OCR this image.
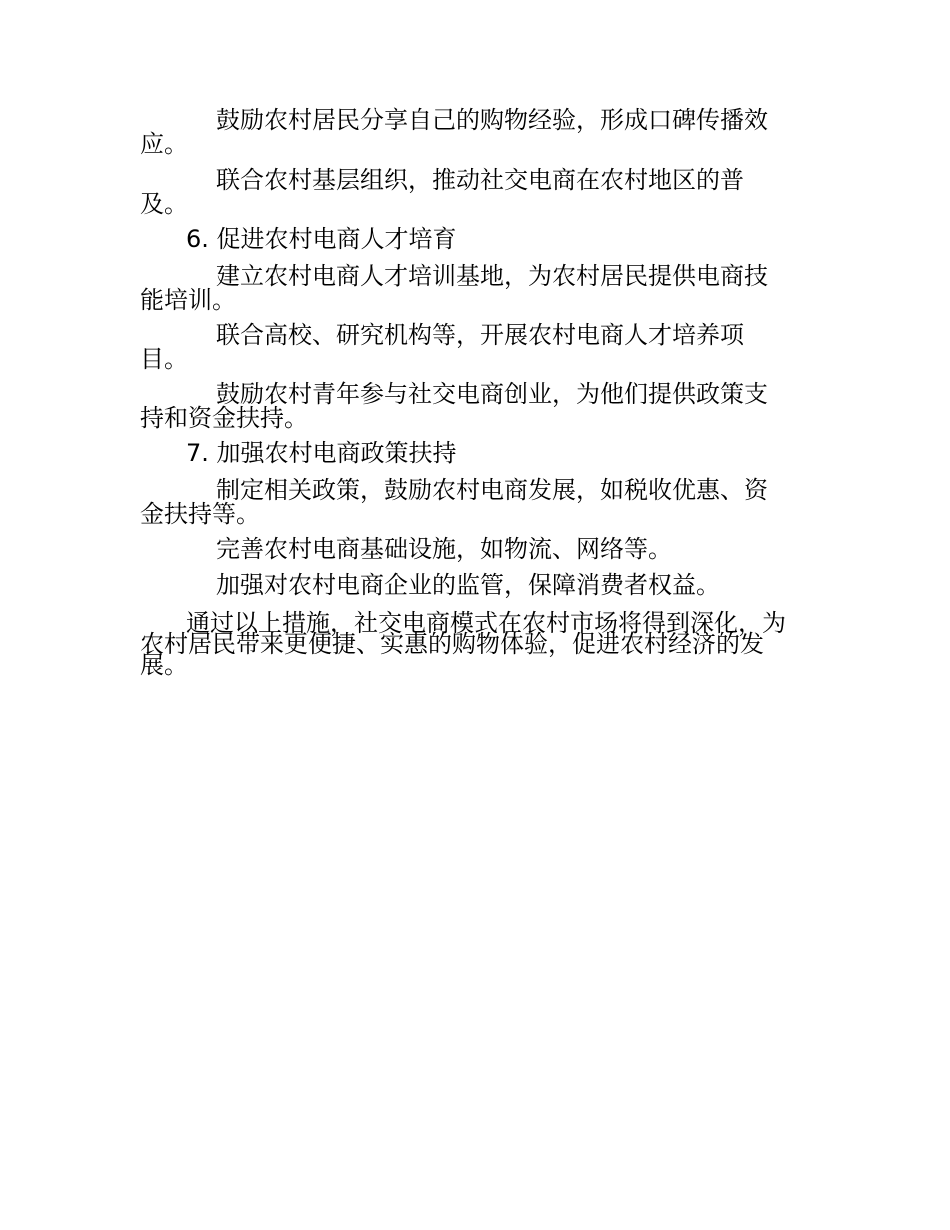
鼓励农村居民分享自己的购物经验，形成口碑传播效应。

联合农村基层组织，推动社交电商在农村地区的普及。

6. 促进农村电商人才培育

建立农村电商人才培训基地，为农村居民提供电商技能培训。

联合高校、研究机构等，开展农村电商人才培养项目。

鼓励农村青年参与社交电商创业，为他们提供政策支持和资金扶持。

7. 加强农村电商政策扶持

制定相关政策，鼓励农村电商发展，如税收优惠、资金扶持等。

完善农村电商基础设施，如物流、网络等。

加强对农村电商企业的监管，保障消费者权益。

通过以上措施，社交电商模式在农村市场将得到深化，为农村居民带来更便捷、实惠的购物体验，促进农村经济的发展。
